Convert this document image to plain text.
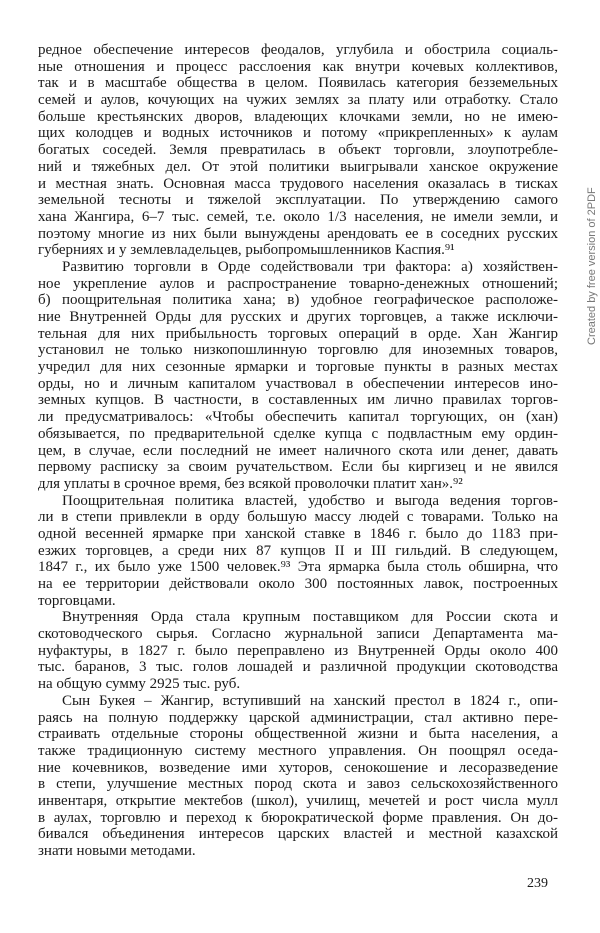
редное обеспечение интересов феодалов, углубила и обострила социаль-
ные отношения и процесс расслоения как внутри кочевых коллективов,
так и в масштабе общества в целом. Появилась категория безземельных
семей и аулов, кочующих на чужих землях за плату или отработку. Стало
больше крестьянских дворов, владеющих клочками земли, но не имею-
щих колодцев и водных источников и потому «прикрепленных» к аулам
богатых соседей. Земля превратилась в объект торговли, злоупотребле-
ний и тяжебных дел. От этой политики выигрывали ханское окружение
и местная знать. Основная масса трудового населения оказалась в тисках
земельной тесноты и тяжелой эксплуатации. По утверждению самого
хана Жангира, 6–7 тыс. семей, т.е. около 1/3 населения, не имели земли, и
поэтому многие из них были вынуждены арендовать ее в соседних русских
губерниях и у землевладельцев, рыбопромышленников Каспия.⁹¹
Развитию торговли в Орде содействовали три фактора: а) хозяйствен-
ное укрепление аулов и распространение товарно-денежных отношений;
б) поощрительная политика хана; в) удобное географическое расположе-
ние Внутренней Орды для русских и других торговцев, а также исключи-
тельная для них прибыльность торговых операций в орде. Хан Жангир
установил не только низкопошлинную торговлю для иноземных товаров,
учредил для них сезонные ярмарки и торговые пункты в разных местах
орды, но и личным капиталом участвовал в обеспечении интересов ино-
земных купцов. В частности, в составленных им лично правилах торгов-
ли предусматривалось: «Чтобы обеспечить капитал торгующих, он (хан)
обязывается, по предварительной сделке купца с подвластным ему ордин-
цем, в случае, если последний не имеет наличного скота или денег, давать
первому расписку за своим ручательством. Если бы киргизец и не явился
для уплаты в срочное время, без всякой проволочки платит хан».⁹²
Поощрительная политика властей, удобство и выгода ведения торгов-
ли в степи привлекли в орду большую массу людей с товарами. Только на
одной весенней ярмарке при ханской ставке в 1846 г. было до 1183 при-
езжих торговцев, а среди них 87 купцов II и III гильдий. В следующем,
1847 г., их было уже 1500 человек.⁹³ Эта ярмарка была столь обширна, что
на ее территории действовали около 300 постоянных лавок, построенных
торговцами.
Внутренняя Орда стала крупным поставщиком для России скота и
скотоводческого сырья. Согласно журнальной записи Департамента ма-
нуфактуры, в 1827 г. было переправлено из Внутренней Орды около 400
тыс. баранов, 3 тыс. голов лошадей и различной продукции скотоводства
на общую сумму 2925 тыс. руб.
Сын Букея – Жангир, вступивший на ханский престол в 1824 г., опи-
раясь на полную поддержку царской администрации, стал активно пере-
страивать отдельные стороны общественной жизни и быта населения, а
также традиционную систему местного управления. Он поощрял оседа-
ние кочевников, возведение ими хуторов, сенокошение и лесоразведение
в степи, улучшение местных пород скота и завоз сельскохозяйственного
инвентаря, открытие мектебов (школ), училищ, мечетей и рост числа мулл
в аулах, торговлю и переход к бюрократической форме правления. Он до-
бивался объединения интересов царских властей и местной казахской
знати новыми методами.
239
Created by free version of 2PDF
